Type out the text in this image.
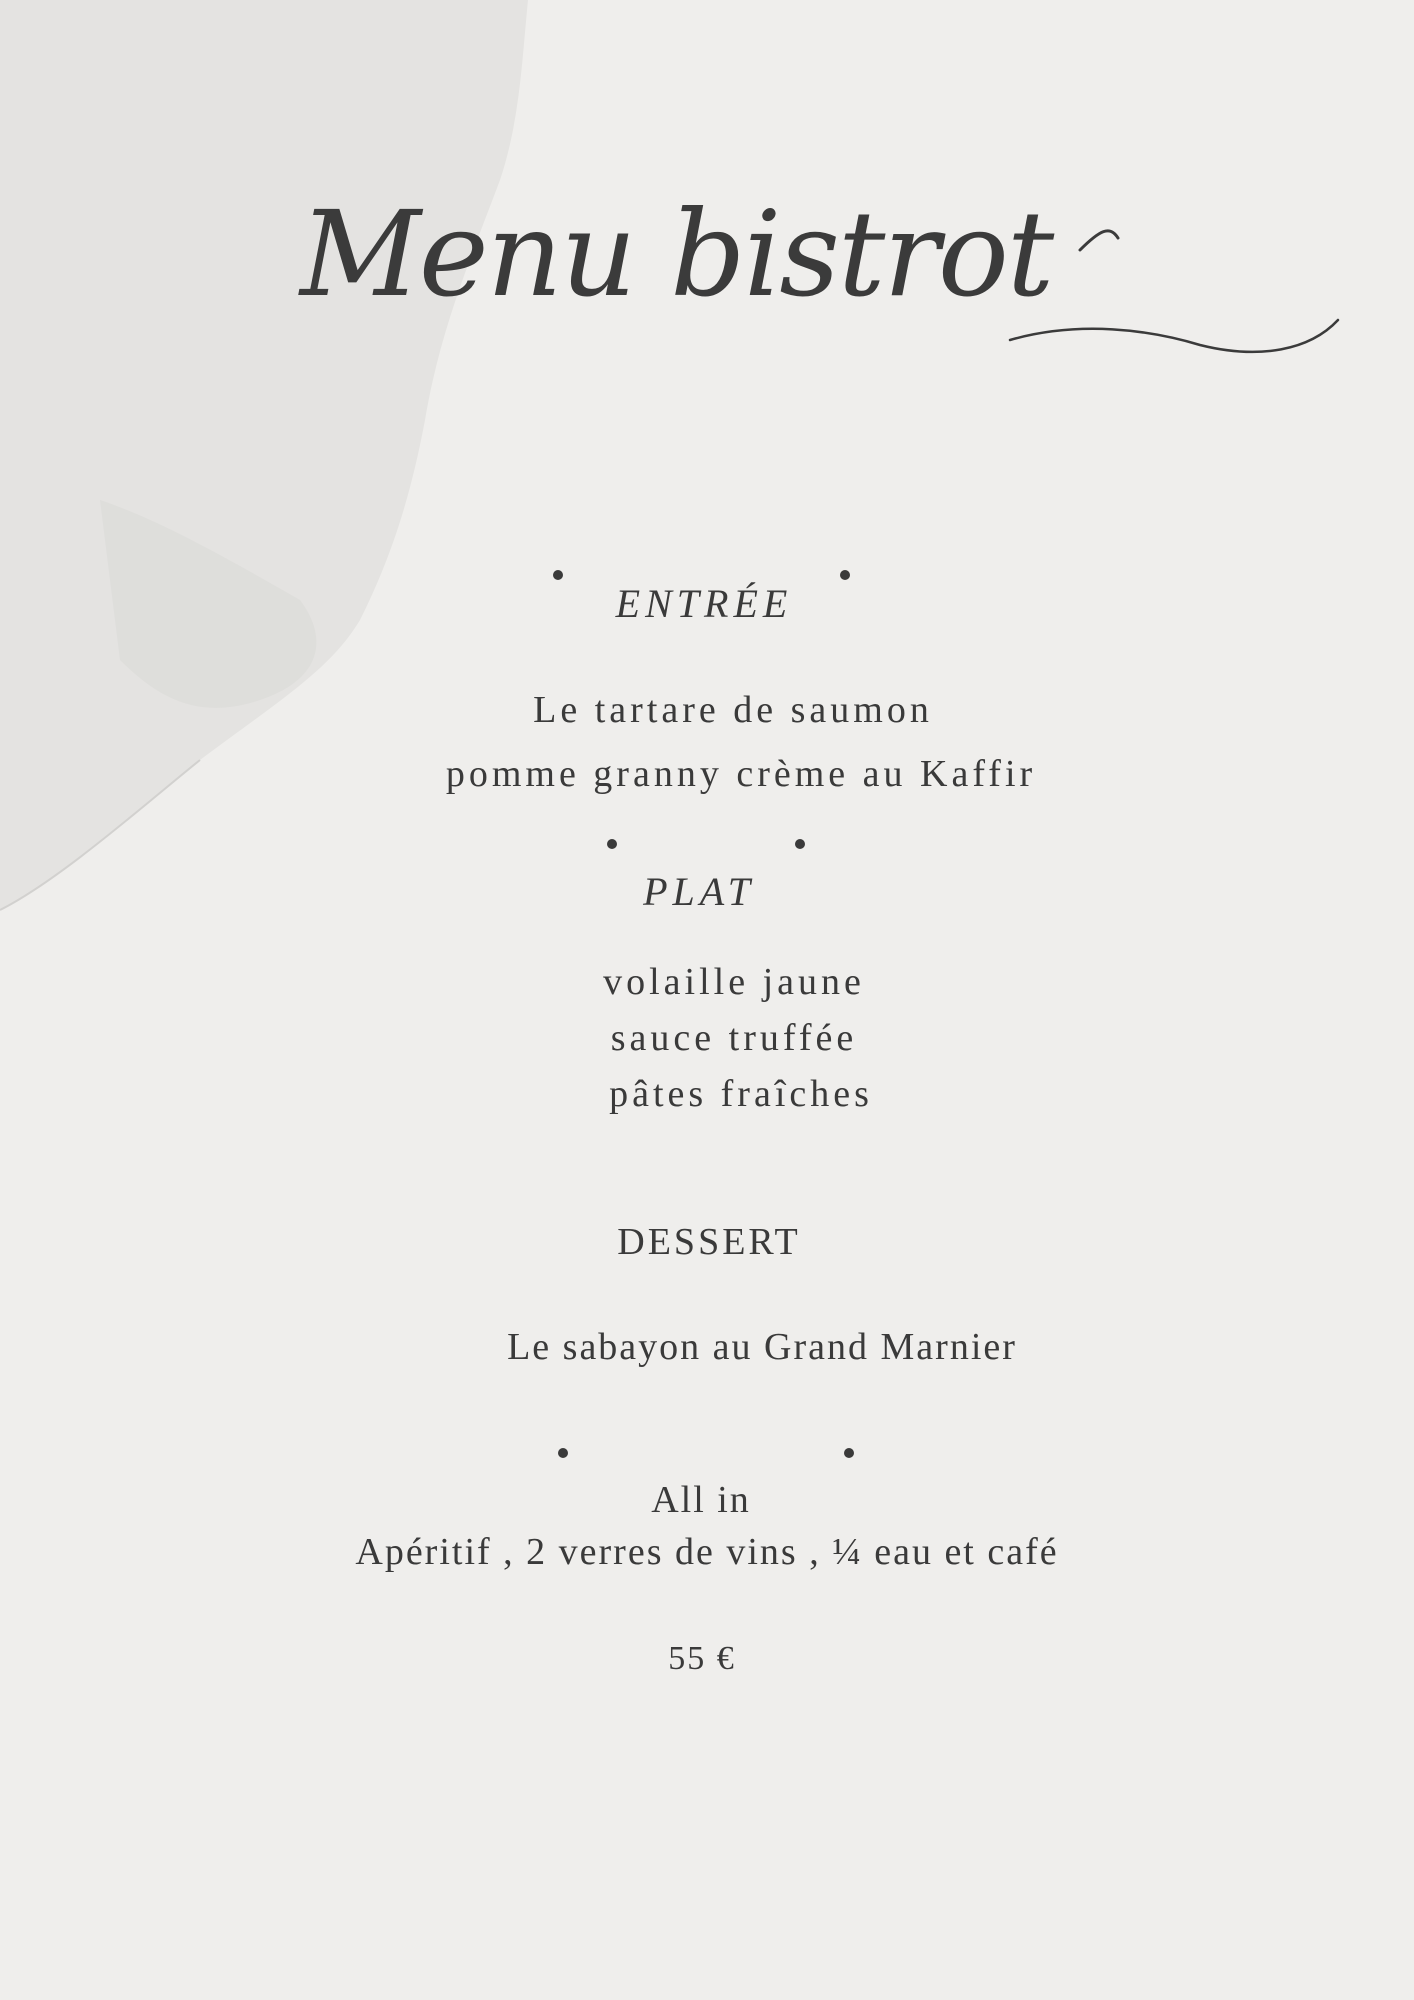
Menu bistrot
ENTRÉE
Le tartare de saumon
pomme granny crème au Kaffir
PLAT
volaille jaune
sauce truffée
pâtes fraîches
DESSERT
Le sabayon au Grand Marnier
All in
Apéritif , 2 verres de vins , ¼ eau et café
55 €
